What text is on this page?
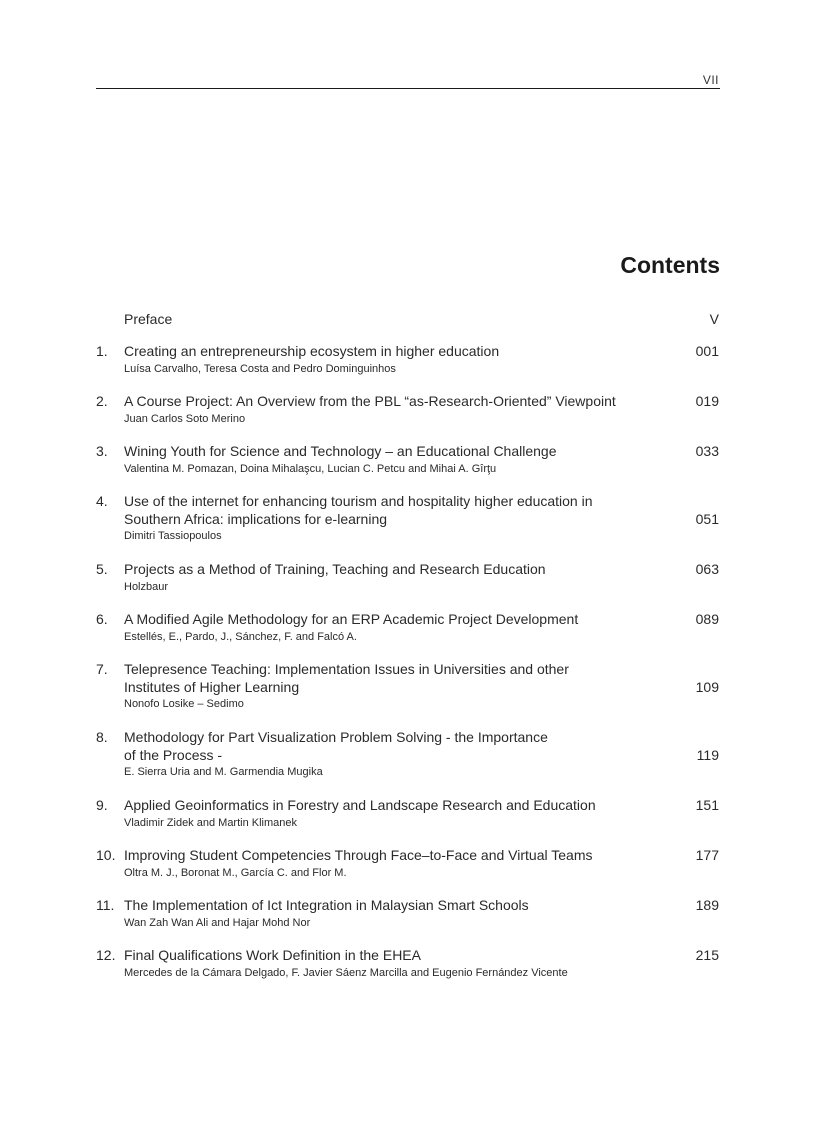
VII
Contents
Preface	V
1. Creating an entrepreneurship ecosystem in higher education
Luísa Carvalho, Teresa Costa and Pedro Dominguinhos
001
2. A Course Project: An Overview from the PBL “as-Research-Oriented” Viewpoint
Juan Carlos Soto Merino
019
3. Wining Youth for Science and Technology – an Educational Challenge
Valentina M. Pomazan, Doina Mihalaşcu, Lucian C. Petcu and Mihai A. Gîrţu
033
4. Use of the internet for enhancing tourism and hospitality higher education in
Southern Africa: implications for e-learning
Dimitri Tassiopoulos
051
5. Projects as a Method of Training, Teaching and Research Education
Holzbaur
063
6. A Modified Agile Methodology for an ERP Academic Project Development
Estellés, E., Pardo, J., Sánchez, F. and Falcó A.
089
7. Telepresence Teaching: Implementation Issues in Universities and other
Institutes of Higher Learning
Nonofo Losike – Sedimo
109
8. Methodology for Part Visualization Problem Solving - the Importance
of the Process -
E. Sierra Uria and M. Garmendia Mugika
119
9. Applied Geoinformatics in Forestry and Landscape Research and Education
Vladimir Zidek and Martin Klimanek
151
10. Improving Student Competencies Through Face–to-Face and Virtual Teams
Oltra M. J., Boronat M., García C. and Flor M.
177
11. The Implementation of Ict Integration in Malaysian Smart Schools
Wan Zah Wan Ali and Hajar Mohd Nor
189
12. Final Qualifications Work Definition in the EHEA
Mercedes de la Cámara Delgado, F. Javier Sáenz Marcilla and Eugenio Fernández Vicente
215
